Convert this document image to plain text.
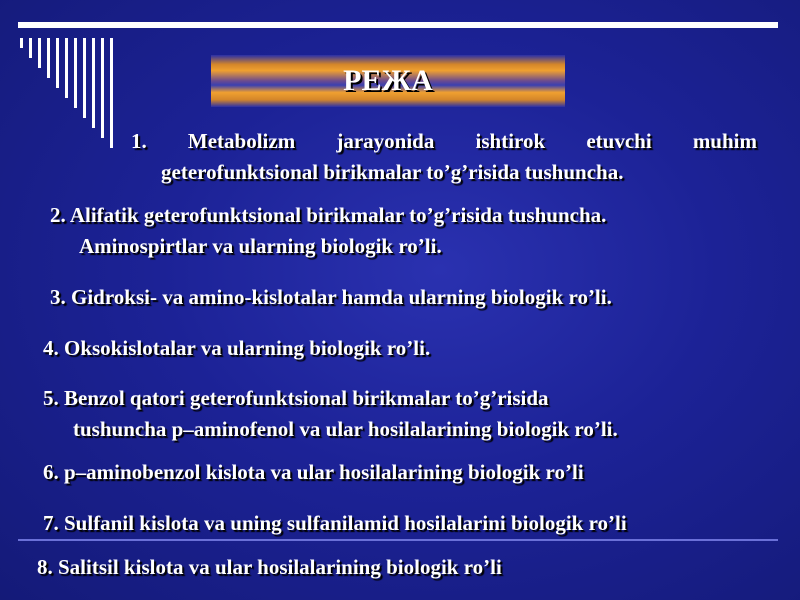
РЕЖА
1. Metabolizm jarayonida ishtirok etuvchi muhim
geterofunktsional birikmalar to’g’risida tushuncha.
2. Alifatik geterofunktsional birikmalar to’g’risida tushuncha.
Aminospirtlar va ularning biologik ro’li.
3. Gidroksi- va amino-kislotalar hamda ularning biologik ro’li.
4. Oksokislotalar va ularning biologik ro’li.
5. Benzol qatori geterofunktsional birikmalar to’g’risida
tushuncha p–aminofenol va ular hosilalarining biologik ro’li.
6. p–aminobenzol kislota va ular hosilalarining biologik ro’li
7. Sulfanil kislota va uning sulfanilamid hosilalarini biologik ro’li
8. Salitsil kislota va ular hosilalarining biologik ro’li
